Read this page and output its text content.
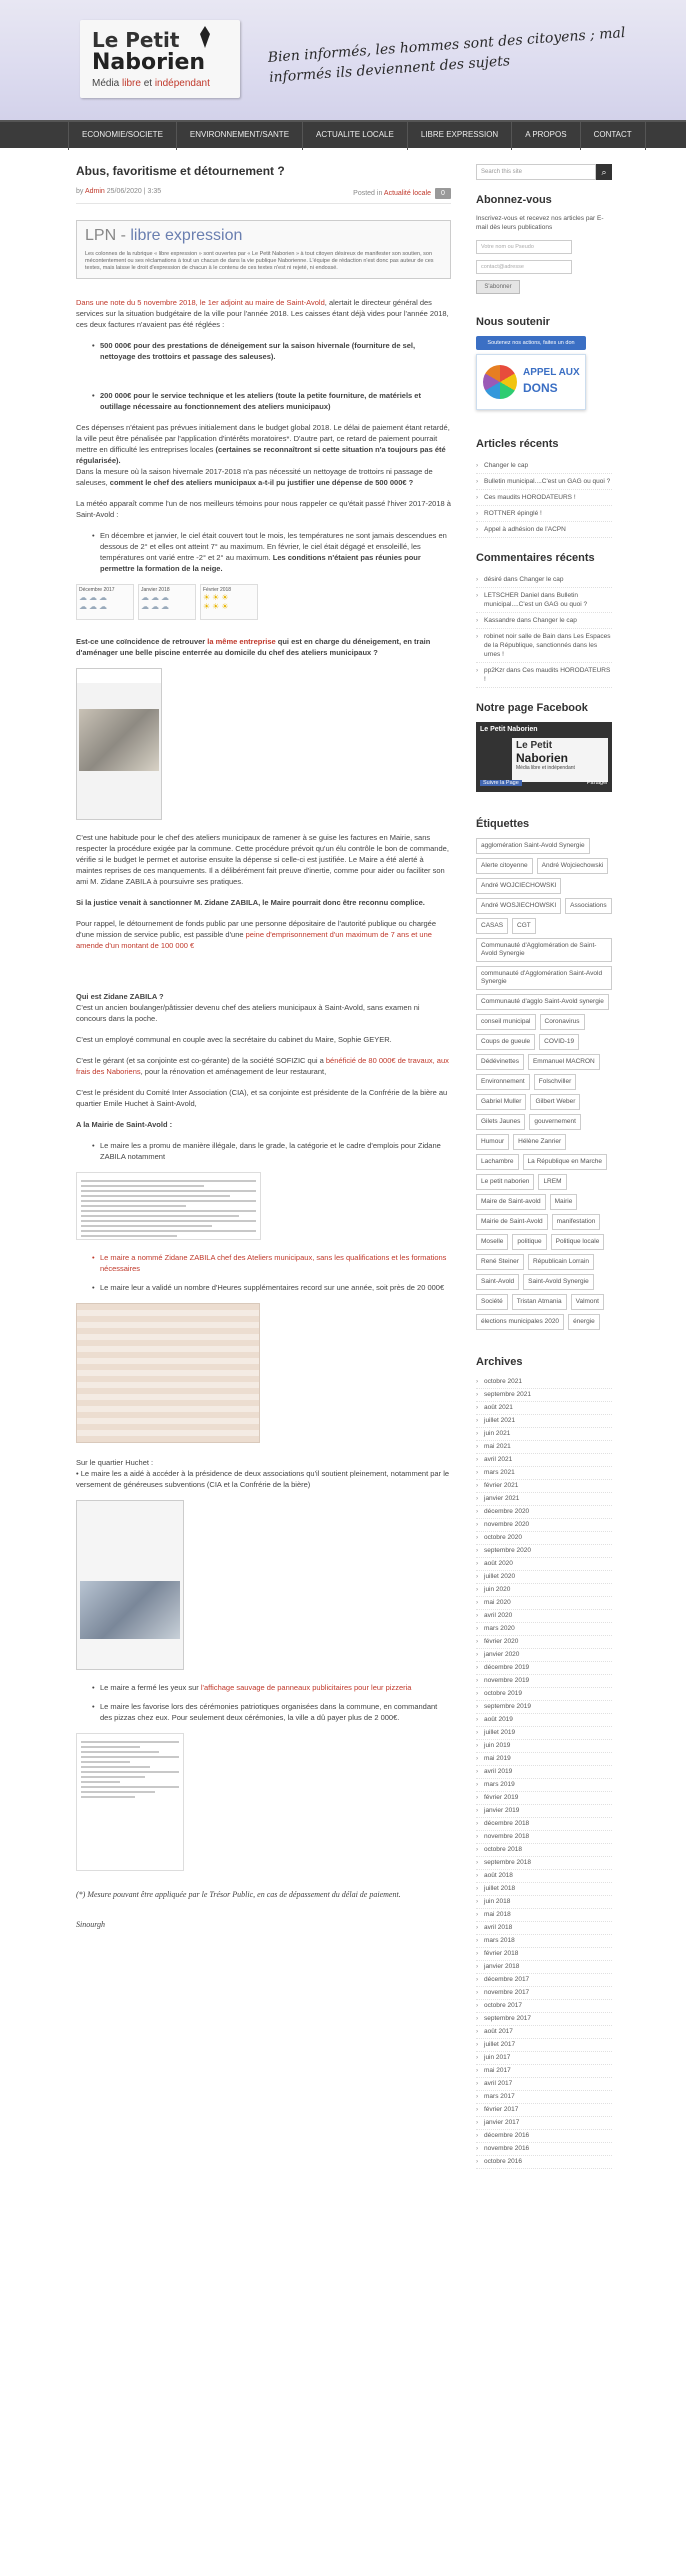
Le Petit
Naborien
Média libre et indépendant
Bien informés, les hommes sont des citoyens ; mal informés ils deviennent des sujets
ECONOMIE/SOCIETE	ENVIRONNEMENT/SANTE	ACTUALITE LOCALE	LIBRE EXPRESSION	A PROPOS	CONTACT
Abus, favoritisme et détournement ?
by Admin 25/06/2020 | 3:35	Posted in Actualité locale 0
LPN - libre expression
Les colonnes de la rubrique « libre expression » sont ouvertes par « Le Petit Naborien » à tout citoyen désireux de manifester son soutien, son mécontentement ou ses réclamations à tout un chacun de dans la vie publique Naborienne. L'équipe de rédaction n'est donc pas auteur de ces textes, mais laisse le droit d'expression de chacun à le contenu de ces textes n'est ni rejeté, ni endossé.
Dans une note du 5 novembre 2018, le 1er adjoint au maire de Saint-Avold, alertait le directeur général des services sur la situation budgétaire de la ville pour l'année 2018. Les caisses étant déjà vides pour l'année 2018, ces deux factures n'avaient pas été réglées :
• 500 000€ pour des prestations de déneigement sur la saison hivernale (fourniture de sel, nettoyage des trottoirs et passage des saleuses).
• 200 000€ pour le service technique et les ateliers (toute la petite fourniture, de matériels et outillage nécessaire au fonctionnement des ateliers municipaux)
Ces dépenses n'étaient pas prévues initialement dans le budget global 2018. Le délai de paiement étant retardé, la ville peut être pénalisée par l'application d'intérêts moratoires*. D'autre part, ce retard de paiement pourrait mettre en difficulté les entreprises locales (certaines se reconnaîtront si cette situation n'a toujours pas été régularisée).
Dans la mesure où la saison hivernale 2017-2018 n'a pas nécessité un nettoyage de trottoirs ni passage de saleuses, comment le chef des ateliers municipaux a-t-il pu justifier une dépense de 500 000€ ?
La météo apparaît comme l'un de nos meilleurs témoins pour nous rappeler ce qu'était passé l'hiver 2017-2018 à Saint-Avold :
• En décembre et janvier, le ciel était couvert tout le mois, les températures ne sont jamais descendues en dessous de 2° et elles ont atteint 7° au maximum. En février, le ciel était dégagé et ensoleillé, les températures ont varié entre -2° et 2° au maximum. Les conditions n'étaient pas réunies pour permettre la formation de la neige.
Décembre 2017
☁☁☁
☁☁☁
Janvier 2018
☁☁☁
☁☁☁
Février 2018
☀☀☀
☀☀☀
Est-ce une coïncidence de retrouver la même entreprise qui est en charge du déneigement, en train d'aménager une belle piscine enterrée au domicile du chef des ateliers municipaux ?
C'est une habitude pour le chef des ateliers municipaux de ramener à se guise les factures en Mairie, sans respecter la procédure exigée par la commune. Cette procédure prévoit qu'un élu contrôle le bon de commande, vérifie si le budget le permet et autorise ensuite la dépense si celle-ci est justifiée. Le Maire a été alerté à maintes reprises de ces manquements. Il a délibérément fait preuve d'inertie, comme pour aider ou faciliter son ami M. Zidane ZABILA à poursuivre ses pratiques.
Si la justice venait à sanctionner M. Zidane ZABILA, le Maire pourrait donc être reconnu complice.
Pour rappel, le détournement de fonds public par une personne dépositaire de l'autorité publique ou chargée d'une mission de service public, est passible d'une peine d'emprisonnement d'un maximum de 7 ans et une amende d'un montant de 100 000 €
Qui est Zidane ZABILA ?
C'est un ancien boulanger/pâtissier devenu chef des ateliers municipaux à Saint-Avold, sans examen ni concours dans la poche.
C'est un employé communal en couple avec la secrétaire du cabinet du Maire, Sophie GEYER.
C'est le gérant (et sa conjointe est co-gérante) de la société SOFIZIC qui a bénéficié de 80 000€ de travaux, aux frais des Naboriens, pour la rénovation et aménagement de leur restaurant,
C'est le président du Comité Inter Association (CIA), et sa conjointe est présidente de la Confrérie de la bière au quartier Emile Huchet à Saint-Avold,
A la Mairie de Saint-Avold :
• Le maire les a promu de manière illégale, dans le grade, la catégorie et le cadre d'emplois pour Zidane ZABILA notamment
• Le maire a nommé Zidane ZABILA chef des Ateliers municipaux, sans les qualifications et les formations nécessaires
• Le maire leur a validé un nombre d'Heures supplémentaires record sur une année, soit près de 20 000€
Sur le quartier Huchet :
• Le maire les a aidé à accéder à la présidence de deux associations qu'il soutient pleinement, notamment par le versement de généreuses subventions (CIA et la Confrérie de la bière)
• Le maire a fermé les yeux sur l'affichage sauvage de panneaux publicitaires pour leur pizzeria
• Le maire les favorise lors des cérémonies patriotiques organisées dans la commune, en commandant des pizzas chez eux. Pour seulement deux cérémonies, la ville a dû payer plus de 2 000€.
(*) Mesure pouvant être appliquée par le Trésor Public, en cas de dépassement du délai de paiement.
Sinourgh
Search this site	⌕
Abonnez-vous
Inscrivez-vous et recevez nos articles par E-mail dès leurs publications
Votre nom ou Pseudo
contact@adresse
S'abonner
Nous soutenir
Soutenez nos actions, faites un don
APPEL AUX
DONS
Articles récents
› Changer le cap
› Bulletin municipal....C'est un GAG ou quoi ?
› Ces maudits HORODATEURS !
› ROTTNER épinglé !
› Appel à adhésion de l'ACPN
Commentaires récents
› désiré dans Changer le cap
› LETSCHER Daniel dans Bulletin municipal....C'est un GAG ou quoi ?
› Kassandre dans Changer le cap
› robinet noir salle de Bain dans Les Espaces de la République, sanctionnés dans les urnes !
› pp2Kzr dans Ces maudits HORODATEURS !
Notre page Facebook
Le Petit Naborien
Le Petit
Naborien
Média libre et indépendant
Suivre la Page	Partager
Étiquettes
agglomération Saint-Avold Synergie
Alerte citoyenne	André Wojciechowski
André WOJCIECHOWSKI
André WOSJIECHOWSKI	Associations
CASAS	CGT
Communauté d'Agglomération de Saint-Avold Synergie
communauté d'Agglomération Saint-Avold Synergie
Communauté d'agglo Saint-Avold synergie
conseil municipal	Coronavirus
Coups de gueule	COVID-19
Dédévinettes	Emmanuel MACRON
Environnement	Folschviller
Gabriel Muller	Gilbert Weber
Gilets Jaunes	gouvernement
Humour	Hélène Zanrier
Lachambre	La République en Marche
Le petit naborien	LREM
Maire de Saint-avold	Mairie
Mairie de Saint-Avold	manifestation
Moselle	politique	Politique locale
René Steiner	Républicain Lorrain
Saint-Avold	Saint-Avold Synergie
Société	Tristan Atmania	Valmont
élections municipales 2020	énergie
Archives
› octobre 2021
› septembre 2021
› août 2021
› juillet 2021
› juin 2021
› mai 2021
› avril 2021
› mars 2021
› février 2021
› janvier 2021
› décembre 2020
› novembre 2020
› octobre 2020
› septembre 2020
› août 2020
› juillet 2020
› juin 2020
› mai 2020
› avril 2020
› mars 2020
› février 2020
› janvier 2020
› décembre 2019
› novembre 2019
› octobre 2019
› septembre 2019
› août 2019
› juillet 2019
› juin 2019
› mai 2019
› avril 2019
› mars 2019
› février 2019
› janvier 2019
› décembre 2018
› novembre 2018
› octobre 2018
› septembre 2018
› août 2018
› juillet 2018
› juin 2018
› mai 2018
› avril 2018
› mars 2018
› février 2018
› janvier 2018
› décembre 2017
› novembre 2017
› octobre 2017
› septembre 2017
› août 2017
› juillet 2017
› juin 2017
› mai 2017
› avril 2017
› mars 2017
› février 2017
› janvier 2017
› décembre 2016
› novembre 2016
› octobre 2016
